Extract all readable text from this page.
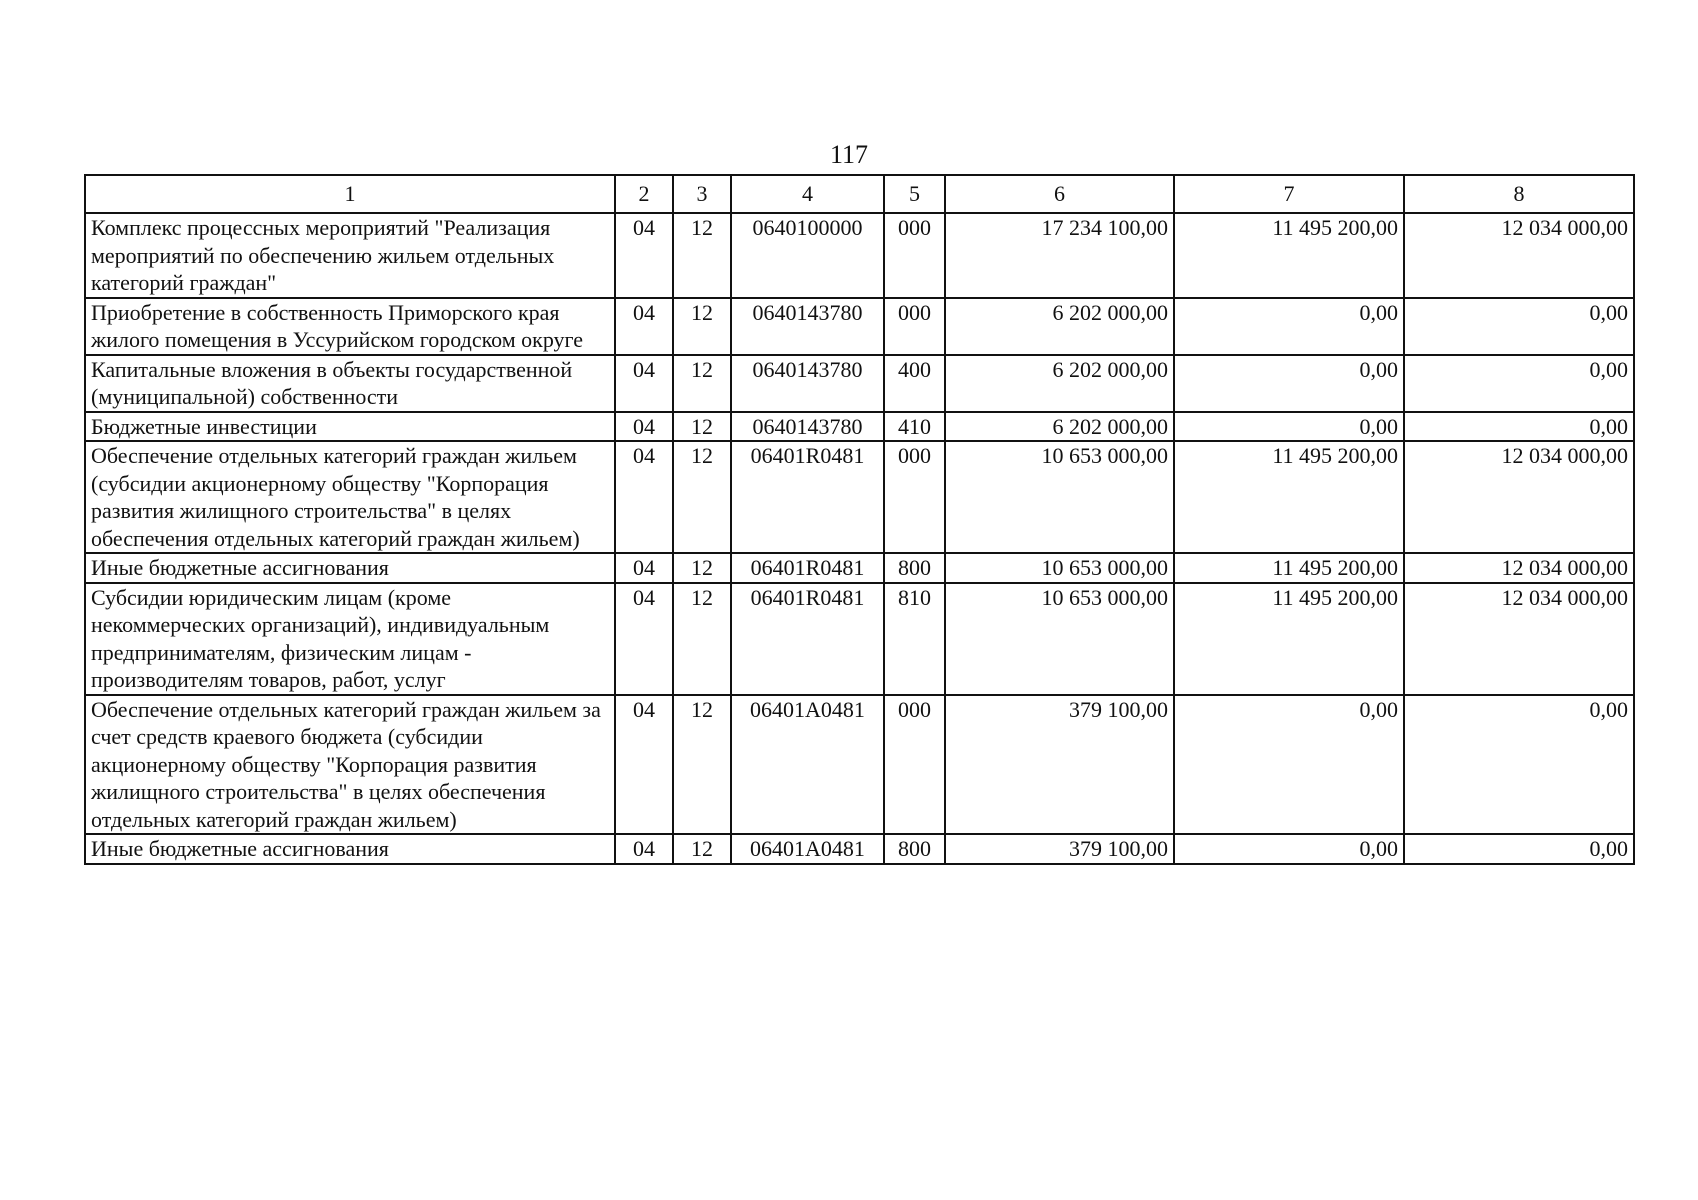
117
1	2	3	4	5	6	7	8
Комплекс процессных мероприятий "Реализация мероприятий по обеспечению жильем отдельных категорий граждан"	04	12	0640100000	000	17 234 100,00	11 495 200,00	12 034 000,00
Приобретение в собственность Приморского края жилого помещения в Уссурийском городском округе	04	12	0640143780	000	6 202 000,00	0,00	0,00
Капитальные вложения в объекты государственной (муниципальной) собственности	04	12	0640143780	400	6 202 000,00	0,00	0,00
Бюджетные инвестиции	04	12	0640143780	410	6 202 000,00	0,00	0,00
Обеспечение отдельных категорий граждан жильем (субсидии акционерному обществу "Корпорация развития жилищного строительства" в целях обеспечения отдельных категорий граждан жильем)	04	12	06401R0481	000	10 653 000,00	11 495 200,00	12 034 000,00
Иные бюджетные ассигнования	04	12	06401R0481	800	10 653 000,00	11 495 200,00	12 034 000,00
Субсидии юридическим лицам (кроме некоммерческих организаций), индивидуальным предпринимателям, физическим лицам - производителям товаров, работ, услуг	04	12	06401R0481	810	10 653 000,00	11 495 200,00	12 034 000,00
Обеспечение отдельных категорий граждан жильем за счет средств краевого бюджета (субсидии акционерному обществу "Корпорация развития жилищного строительства" в целях обеспечения отдельных категорий граждан жильем)	04	12	06401A0481	000	379 100,00	0,00	0,00
Иные бюджетные ассигнования	04	12	06401A0481	800	379 100,00	0,00	0,00
